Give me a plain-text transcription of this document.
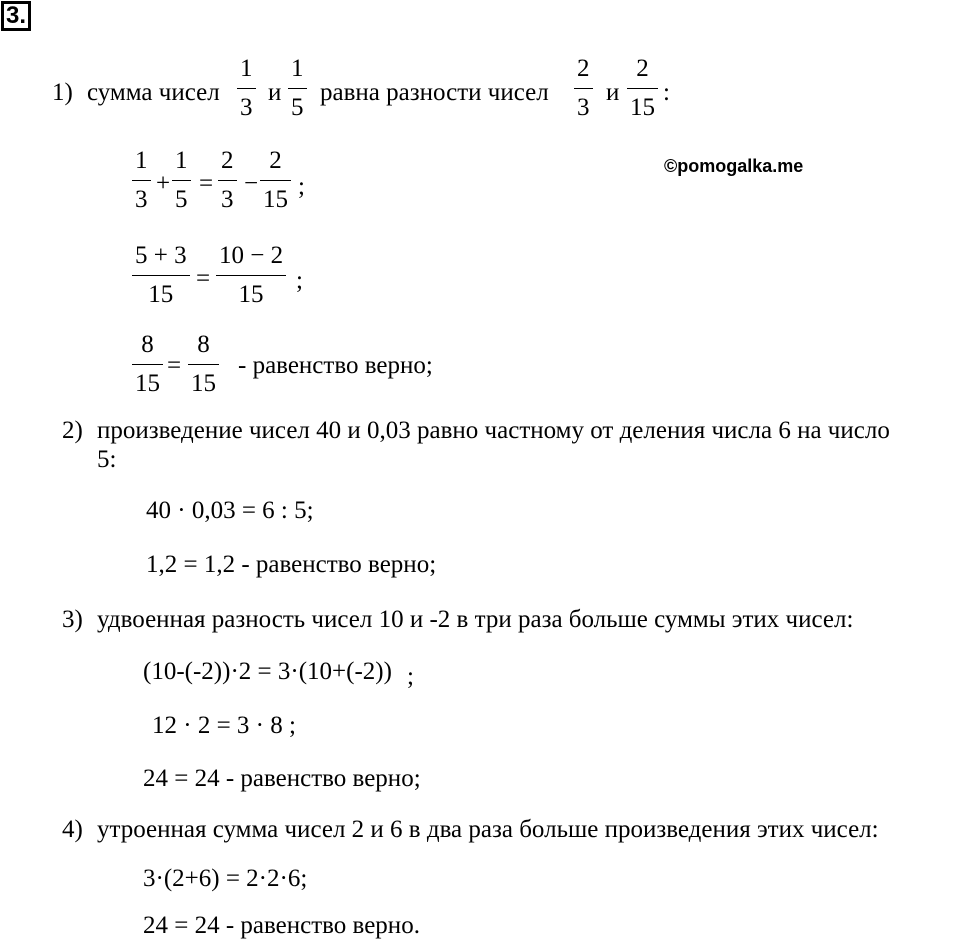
3.
1) сумма чисел
1
3
и
1
5
равна разности чисел
2
3
и
2
15
:
1
3
+
1
5
=
2
3
−
2
15 ;
5 + 3
15
=
10 − 2
15
;
8
15
=
8
15
- равенство верно;
©pomogalka.me
2) произведение чисел 40 и 0,03 равно частному от деления числа 6 на число
5:
40 · 0,03 = 6 : 5;
1,2 = 1,2 - равенство верно;
3) удвоенная разность чисел 10 и -2 в три раза больше суммы этих чисел:
(10-(-2))·2 = 3·(10+(-2)) ;
12 · 2 = 3 · 8 ;
24 = 24 - равенство верно;
4) утроенная сумма чисел 2 и 6 в два раза больше произведения этих чисел:
3·(2+6) = 2·2·6;
24 = 24 - равенство верно.
